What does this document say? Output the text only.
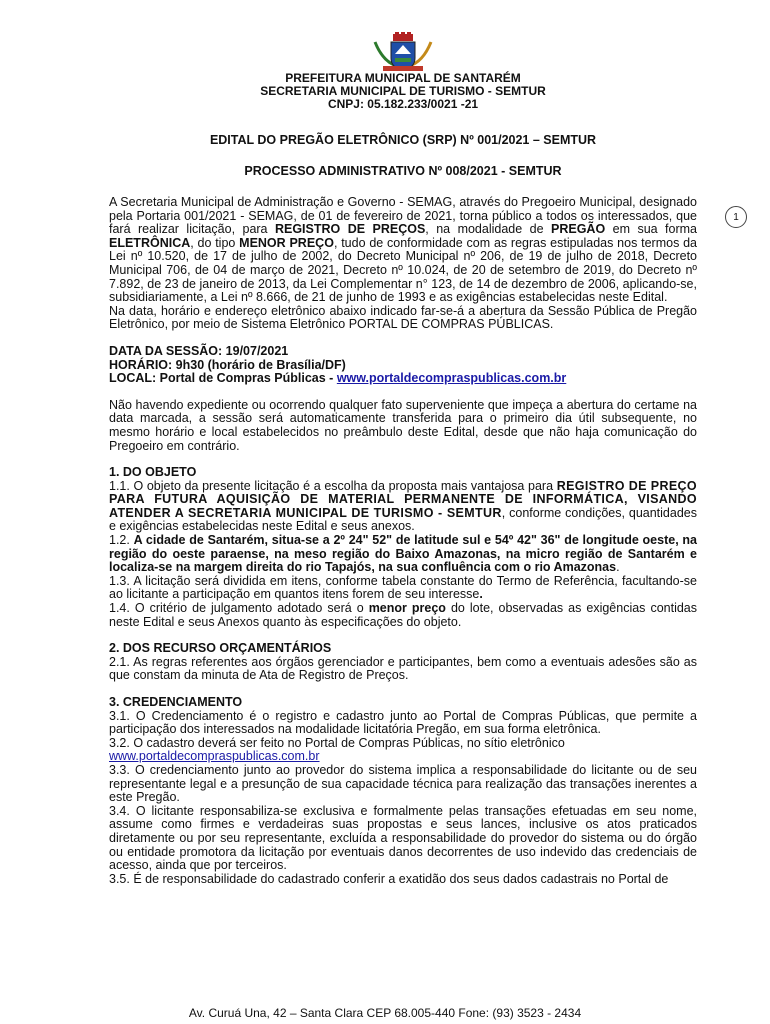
PREFEITURA MUNICIPAL DE SANTARÉM
SECRETARIA MUNICIPAL DE TURISMO - SEMTUR
CNPJ: 05.182.233/0021 -21
EDITAL DO PREGÃO ELETRÔNICO (SRP) Nº 001/2021 – SEMTUR
PROCESSO ADMINISTRATIVO Nº 008/2021 - SEMTUR

A Secretaria Municipal de Administração e Governo - SEMAG, através do Pregoeiro Municipal, designado pela Portaria 001/2021 - SEMAG, de 01 de fevereiro de 2021, torna público a todos os interessados, que fará realizar licitação, para REGISTRO DE PREÇOS, na modalidade de PREGÃO em sua forma ELETRÔNICA, do tipo MENOR PREÇO, tudo de conformidade com as regras estipuladas nos termos da Lei nº 10.520, de 17 de julho de 2002, do Decreto Municipal nº 206, de 19 de julho de 2018, Decreto Municipal 706, de 04 de março de 2021, Decreto nº 10.024, de 20 de setembro de 2019, do Decreto nº 7.892, de 23 de janeiro de 2013, da Lei Complementar n° 123, de 14 de dezembro de 2006, aplicando-se, subsidiariamente, a Lei nº 8.666, de 21 de junho de 1993 e as exigências estabelecidas neste Edital.

Na data, horário e endereço eletrônico abaixo indicado far-se-á a abertura da Sessão Pública de Pregão Eletrônico, por meio de Sistema Eletrônico PORTAL DE COMPRAS PÚBLICAS.

DATA DA SESSÃO: 19/07/2021

HORÁRIO: 9h30 (horário de Brasília/DF)

LOCAL: Portal de Compras Públicas - www.portaldecompraspublicas.com.br

Não havendo expediente ou ocorrendo qualquer fato superveniente que impeça a abertura do certame na data marcada, a sessão será automaticamente transferida para o primeiro dia útil subsequente, no mesmo horário e local estabelecidos no preâmbulo deste Edital, desde que não haja comunicação do Pregoeiro em contrário.

1. DO OBJETO

1.1. O objeto da presente licitação é a escolha da proposta mais vantajosa para REGISTRO DE PREÇO PARA FUTURA AQUISIÇÃO DE MATERIAL PERMANENTE DE INFORMÁTICA, VISANDO ATENDER A SECRETARIA MUNICIPAL DE TURISMO - SEMTUR, conforme condições, quantidades e exigências estabelecidas neste Edital e seus anexos.

1.2. A cidade de Santarém, situa-se a 2º 24" 52" de latitude sul e 54º 42" 36" de longitude oeste, na região do oeste paraense, na meso região do Baixo Amazonas, na micro região de Santarém e localiza-se na margem direita do rio Tapajós, na sua confluência com o rio Amazonas.

1.3. A licitação será dividida em itens, conforme tabela constante do Termo de Referência, facultando-se ao licitante a participação em quantos itens forem de seu interesse.

1.4. O critério de julgamento adotado será o menor preço do lote, observadas as exigências contidas neste Edital e seus Anexos quanto às especificações do objeto.

2. DOS RECURSO ORÇAMENTÁRIOS

2.1. As regras referentes aos órgãos gerenciador e participantes, bem como a eventuais adesões são as que constam da minuta de Ata de Registro de Preços.

3. CREDENCIAMENTO

3.1. O Credenciamento é o registro e cadastro junto ao Portal de Compras Públicas, que permite a participação dos interessados na modalidade licitatória Pregão, em sua forma eletrônica.

3.2. O cadastro deverá ser feito no Portal de Compras Públicas, no sítio eletrônico

www.portaldecompraspublicas.com.br

3.3. O credenciamento junto ao provedor do sistema implica a responsabilidade do licitante ou de seu representante legal e a presunção de sua capacidade técnica para realização das transações inerentes a este Pregão.

3.4. O licitante responsabiliza-se exclusiva e formalmente pelas transações efetuadas em seu nome, assume como firmes e verdadeiras suas propostas e seus lances, inclusive os atos praticados diretamente ou por seu representante, excluída a responsabilidade do provedor do sistema ou do órgão ou entidade promotora da licitação por eventuais danos decorrentes de uso indevido das credenciais de acesso, ainda que por terceiros.

3.5. É de responsabilidade do cadastrado conferir a exatidão dos seus dados cadastrais no Portal de

1
Av. Curuá Una, 42 – Santa Clara CEP 68.005-440 Fone: (93) 3523 - 2434
